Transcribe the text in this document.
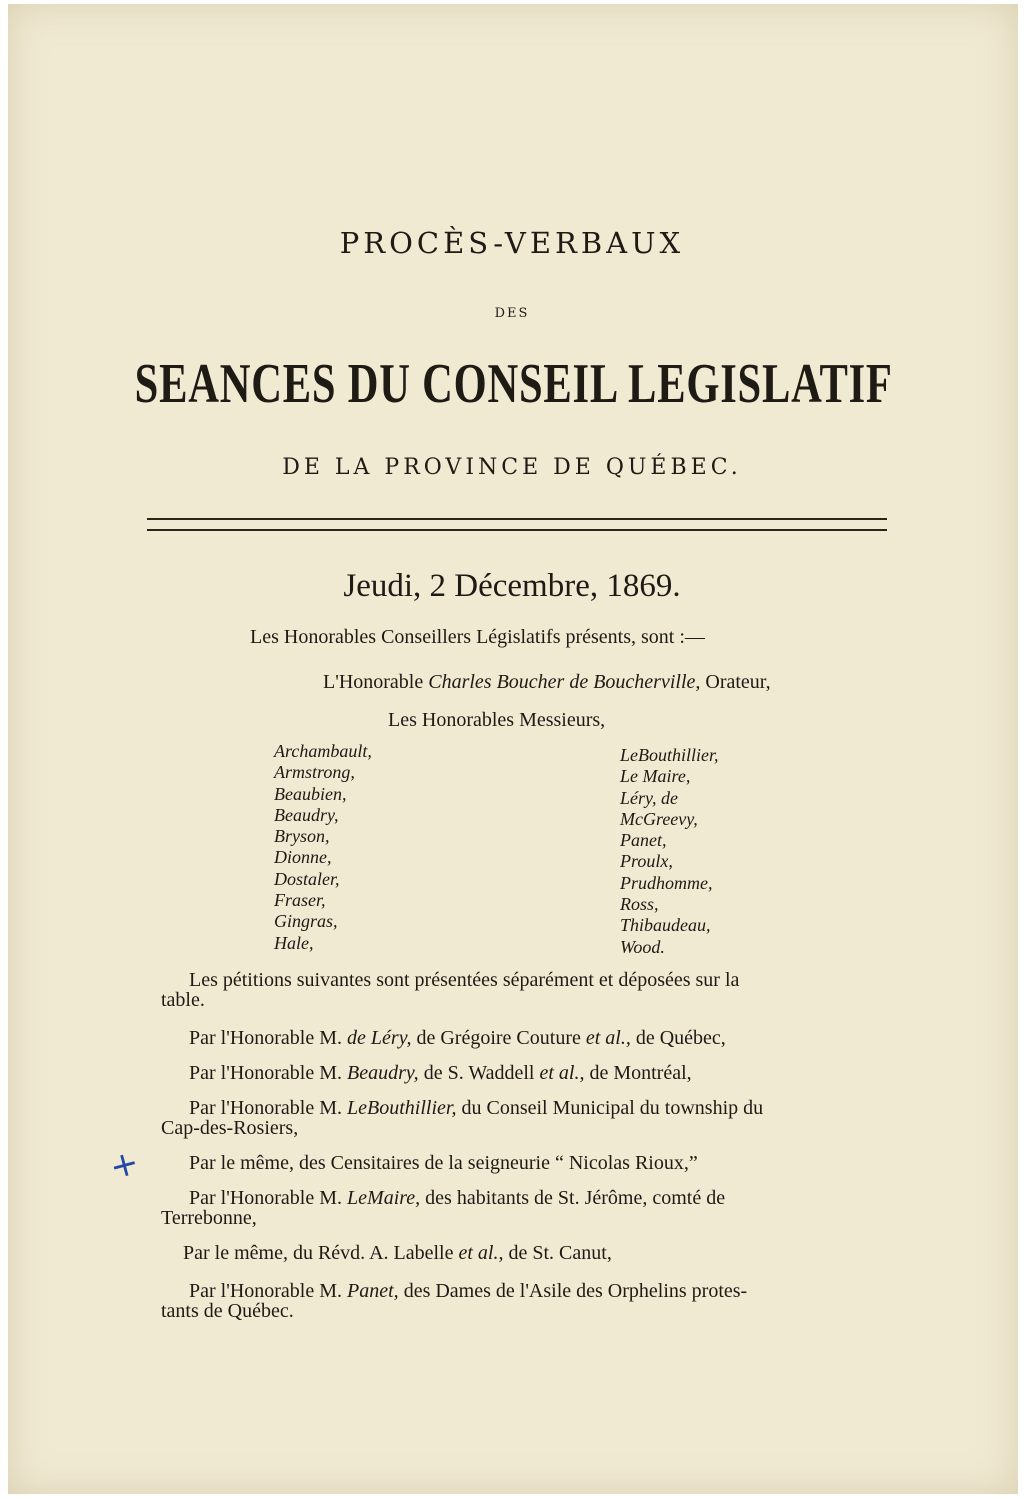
PROCÈS-VERBAUX
DES
SEANCES DU CONSEIL LEGISLATIF
DE LA PROVINCE DE QUÉBEC.
Jeudi, 2 Décembre, 1869.
Les Honorables Conseillers Législatifs présents, sont :—
L'Honorable Charles Boucher de Boucherville, Orateur,
Les Honorables Messieurs,
Archambault,
Armstrong,
Beaubien,
Beaudry,
Bryson,
Dionne,
Dostaler,
Fraser,
Gingras,
Hale,
LeBouthillier,
Le Maire,
Léry, de
McGreevy,
Panet,
Proulx,
Prudhomme,
Ross,
Thibaudeau,
Wood.
Les pétitions suivantes sont présentées séparément et déposées sur la
table.
Par l'Honorable M. de Léry, de Grégoire Couture et al., de Québec,
Par l'Honorable M. Beaudry, de S. Waddell et al., de Montréal,
Par l'Honorable M. LeBouthillier, du Conseil Municipal du township du
Cap-des-Rosiers,
+ Par le même, des Censitaires de la seigneurie “ Nicolas Rioux,”
Par l'Honorable M. LeMaire, des habitants de St. Jérôme, comté de
Terrebonne,
Par le même, du Révd. A. Labelle et al., de St. Canut,
Par l'Honorable M. Panet, des Dames de l'Asile des Orphelins protes-
tants de Québec.
